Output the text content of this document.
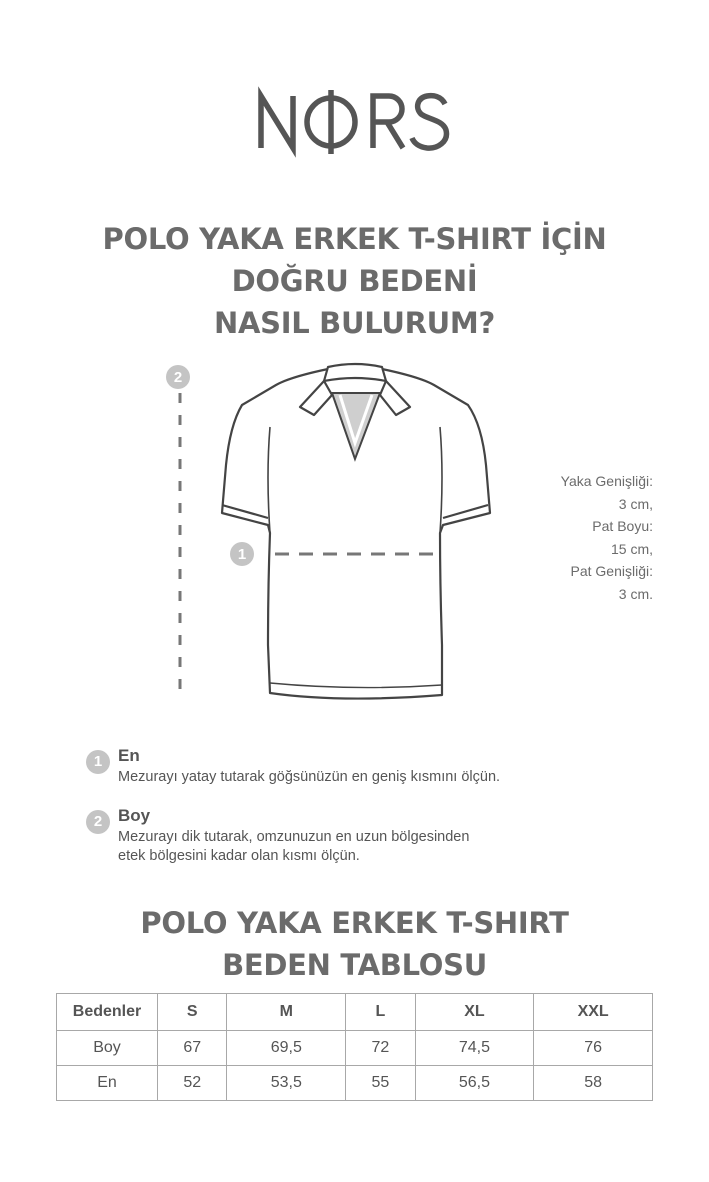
POLO YAKA ERKEK T-SHIRT İÇİN
DOĞRU BEDENİ
NASIL BULURUM?
2
1
Yaka Genişliği:
3 cm,
Pat Boyu:
15 cm,
Pat Genişliği:
3 cm.
1 En
Mezurayı yatay tutarak göğsünüzün en geniş kısmını ölçün.
2 Boy
Mezurayı dik tutarak, omzunuzun en uzun bölgesinden
etek bölgesini kadar olan kısmı ölçün.
POLO YAKA ERKEK T-SHIRT
BEDEN TABLOSU
Bedenler	S	M	L	XL	XXL
Boy	67	69,5	72	74,5	76
En	52	53,5	55	56,5	58
